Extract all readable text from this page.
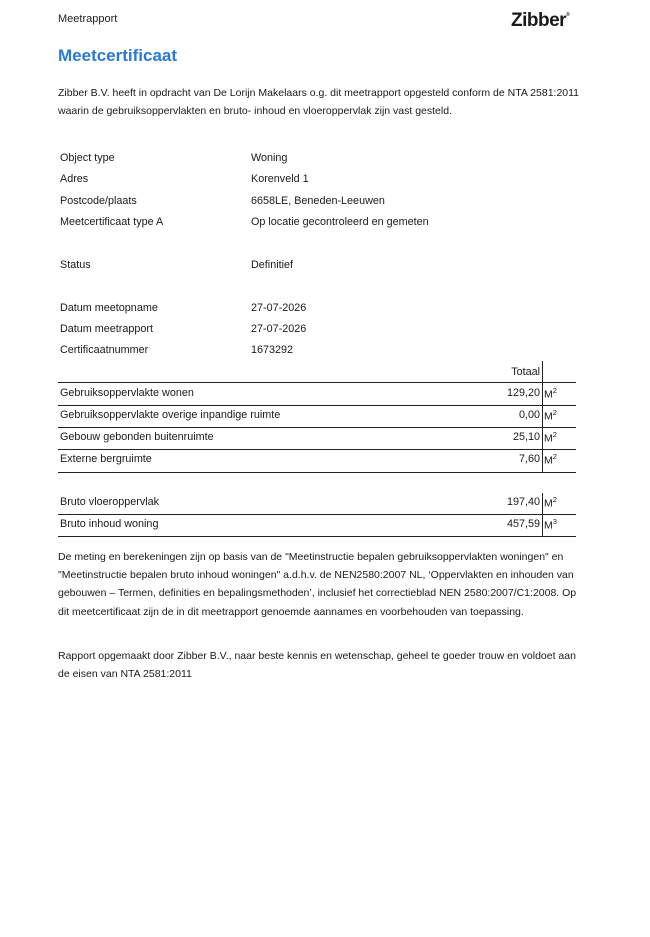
Meetrapport	Zibber®
Meetcertificaat
Zibber B.V. heeft in opdracht van De Lorijn Makelaars o.g. dit meetrapport opgesteld conform de NTA 2581:2011 waarin de gebruiksoppervlakten en bruto- inhoud en vloeroppervlak zijn vast gesteld.
Object type	Woning
Adres	Korenveld 1
Postcode/plaats	6658LE, Beneden-Leeuwen
Meetcertificaat type A	Op locatie gecontroleerd en gemeten
Status	Definitief
Datum meetopname	27-07-2026
Datum meetrapport	27-07-2026
Certificaatnummer	1673292
Totaal
Gebruiksoppervlakte wonen	129,20 $M^2$
Gebruiksoppervlakte overige inpandige ruimte	0,00 $M^2$
Gebouw gebonden buitenruimte	25,10 $M^2$
Externe bergruimte	7,60 $M^2$
Bruto vloeroppervlak	197,40 $M^2$
Bruto inhoud woning	457,59 $M^3$
De meting en berekeningen zijn op basis van de "Meetinstructie bepalen gebruiksoppervlakten woningen" en "Meetinstructie bepalen bruto inhoud woningen" a.d.h.v. de NEN2580:2007 NL, ‘Oppervlakten en inhouden van gebouwen – Termen, definities en bepalingsmethoden’, inclusief het correctieblad NEN 2580:2007/C1:2008. Op dit meetcertificaat zijn de in dit meetrapport genoemde aannames en voorbehouden van toepassing.
Rapport opgemaakt door Zibber B.V., naar beste kennis en wetenschap, geheel te goeder trouw en voldoet aan de eisen van NTA 2581:2011
